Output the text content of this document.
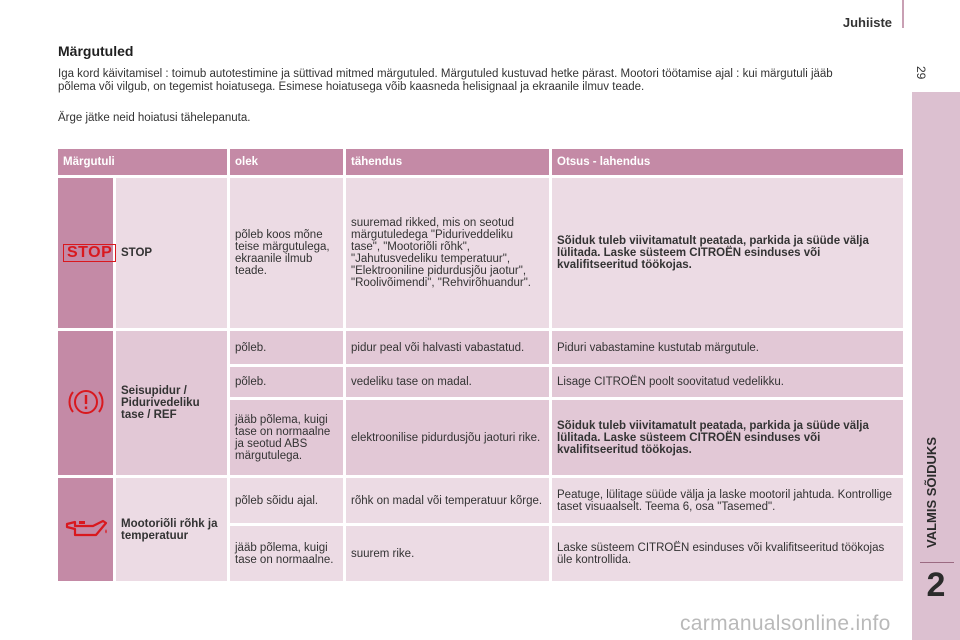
Juhiiste
29
VALMIS SÕIDUKS
2
Märgutuled

Iga kord käivitamisel : toimub autotestimine ja süttivad mitmed märgutuled. Märgutuled kustuvad hetke pärast. Mootori töötamise ajal : kui märgutuli jääb põlema või vilgub, on tegemist hoiatusega. Esimese hoiatusega võib kaasneda helisignaal ja ekraanile ilmuv teade.

Ärge jätke neid hoiatusi tähelepanuta.

Märgutuli		olek	tähendus	Otsus - lahendus
STOP	STOP	põleb koos mõne teise märgutulega, ekraanile ilmub teade.	suuremad rikked, mis on seotud märgutuledega "Piduriveddeliku tase", "Mootoriõli rõhk", "Jahutusvedeliku temperatuur", "Elektrooniline pidurdusjõu jaotur", "Roolivõimendi", "Rehvirõhuandur".	Sõiduk tuleb viivitamatult peatada, parkida ja süüde välja lülitada. Laske süsteem CITROËN esinduses või kvalifitseeritud töökojas.
	Seisupidur / Pidurivedeliku tase / REF	põleb.	pidur peal või halvasti vabastatud.	Piduri vabastamine kustutab märgutule.
		põleb.	vedeliku tase on madal.	Lisage CITROËN poolt soovitatud vedelikku.
		jääb põlema, kuigi tase on normaalne ja seotud ABS märgutulega.	elektroonilise pidurdusjõu jaoturi rike.	Sõiduk tuleb viivitamatult peatada, parkida ja süüde välja lülitada. Laske süsteem CITROËN esinduses või kvalifitseeritud töökojas.
	Mootoriõli rõhk ja temperatuur	põleb sõidu ajal.	rõhk on madal või temperatuur kõrge.	Peatuge, lülitage süüde välja ja laske mootoril jahtuda. Kontrollige taset visuaalselt. Teema 6, osa "Tasemed".
		jääb põlema, kuigi tase on normaalne.	suurem rike.	Laske süsteem CITROËN esinduses või kvalifitseeritud töökojas üle kontrollida.
carmanualsonline.info
